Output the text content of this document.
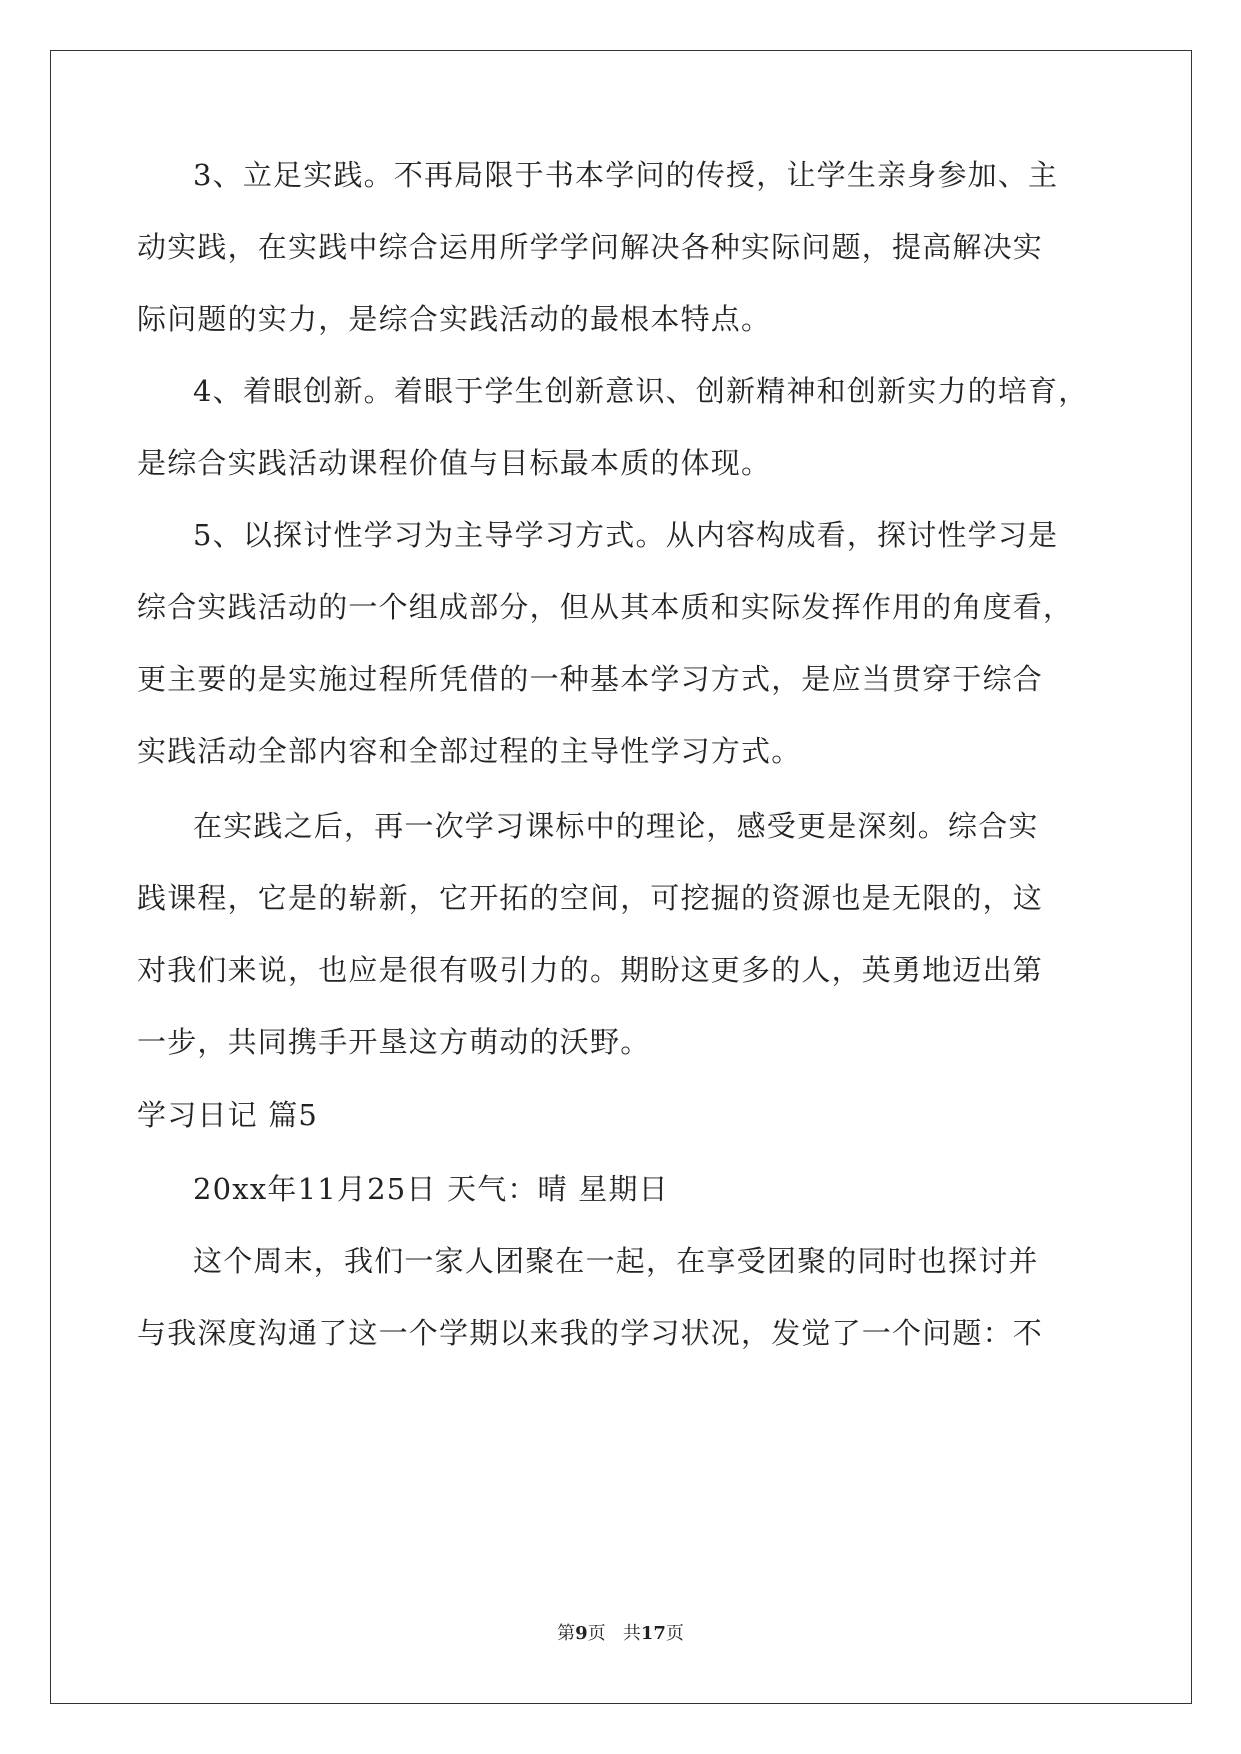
3、立足实践。不再局限于书本学问的传授，让学生亲身参加、主
动实践，在实践中综合运用所学学问解决各种实际问题，提高解决实
际问题的实力，是综合实践活动的最根本特点。
4、着眼创新。着眼于学生创新意识、创新精神和创新实力的培育，
是综合实践活动课程价值与目标最本质的体现。
5、以探讨性学习为主导学习方式。从内容构成看，探讨性学习是
综合实践活动的一个组成部分，但从其本质和实际发挥作用的角度看，
更主要的是实施过程所凭借的一种基本学习方式，是应当贯穿于综合
实践活动全部内容和全部过程的主导性学习方式。
在实践之后，再一次学习课标中的理论，感受更是深刻。综合实
践课程，它是的崭新，它开拓的空间，可挖掘的资源也是无限的，这
对我们来说，也应是很有吸引力的。期盼这更多的人，英勇地迈出第
一步，共同携手开垦这方萌动的沃野。
学习日记 篇5
20xx年11月25日 天气：晴 星期日
这个周末，我们一家人团聚在一起，在享受团聚的同时也探讨并
与我深度沟通了这一个学期以来我的学习状况，发觉了一个问题：不
第9页 共17页
